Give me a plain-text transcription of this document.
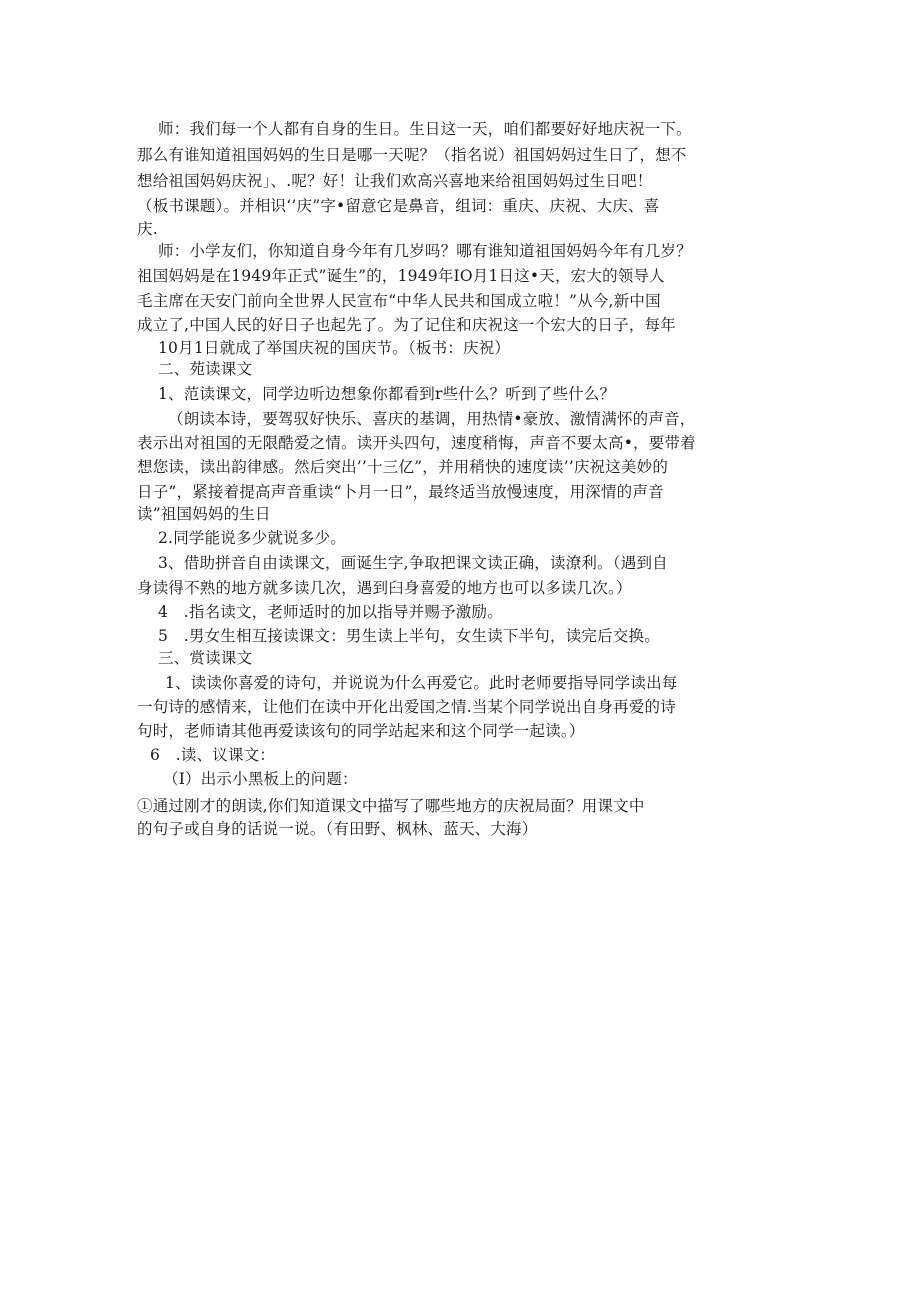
师：我们每一个人都有自身的生日。生日这一天，咱们都要好好地庆祝一下。
那么有谁知道祖国妈妈的生日是哪一天呢？（指名说）祖国妈妈过生日了，想不
想给祖国妈妈庆祝」、.呢？好！让我们欢高兴喜地来给祖国妈妈过生日吧！
（板书课题）。并相识‘’庆”字•留意它是鼻音，组词：重庆、庆祝、大庆、喜
庆.
师：小学友们，你知道自身今年有几岁吗？哪有谁知道祖国妈妈今年有几岁？
祖国妈妈是在1949年正式”诞生”的，1949年IO月1日这•天，宏大的领导人
毛主席在天安门前向全世界人民宣布“中华人民共和国成立啦！”从今,新中国
成立了,中国人民的好日子也起先了。为了记住和庆祝这一个宏大的日子，每年
10月1日就成了举国庆祝的国庆节。（板书：庆祝）
二、苑读课文
1、范读课文，同学边听边想象你都看到r些什么？听到了些什么？
（朗读本诗，要驾驭好快乐、喜庆的基调，用热情•豪放、激情满怀的声音，
表示出对祖国的无限酷爱之情。读开头四句，速度稍悔，声音不要太高•，要带着
想您读，读出韵律感。然后突出’’十三亿”，并用稍快的速度读’’庆祝这美妙的
日子”，紧接着提高声音重读“卜月一日”，最终适当放慢速度，用深情的声音
读”祖国妈妈的生日
2.同学能说多少就说多少。
3、借助拼音自由读课文，画诞生字,争取把课文读正确，读潦利。（遇到自
身读得不熟的地方就多读几次，遇到臼身喜爱的地方也可以多读几次。）
4　.指名读文，老师适时的加以指导并赐予激励。
5　.男女生相互接读课文：男生读上半句，女生读下半句，读完后交换。
三、赏读课文
1、读读你喜爱的诗句，并说说为什么再爱它。此时老师要指导同学读出每
一句诗的感情来，让他们在读中开化出爱国之情.当某个同学说出自身再爱的诗
句时，老师请其他再爱读该句的同学站起来和这个同学一起读。）
6　.读、议课文：
（I）出示小黑板上的问题：
①通过刚才的朗读,你们知道课文中描写了哪些地方的庆祝局面？用课文中
的句子或自身的话说一说。（有田野、枫林、蓝天、大海）
